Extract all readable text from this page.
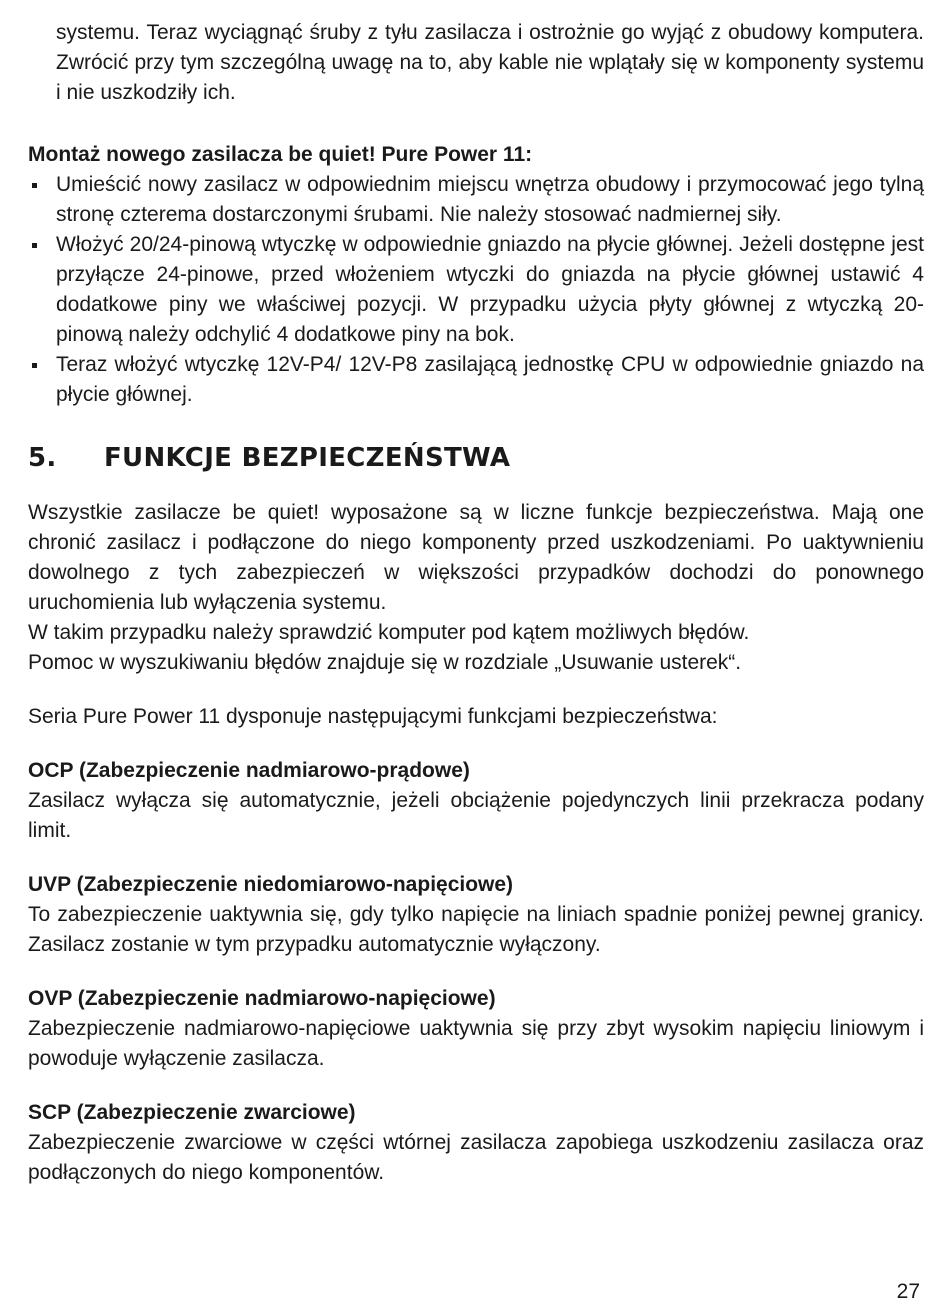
systemu. Teraz wyciągnąć śruby z tyłu zasilacza i ostrożnie go wyjąć z obudowy komputera. Zwrócić przy tym szczególną uwagę na to, aby kable nie wplątały się w komponenty systemu i nie uszkodziły ich.

Montaż nowego zasilacza be quiet! Pure Power 11:
Umieścić nowy zasilacz w odpowiednim miejscu wnętrza obudowy i przymocować jego tylną stronę czterema dostarczonymi śrubami. Nie należy stosować nadmiernej siły.
Włożyć 20/24-pinową wtyczkę w odpowiednie gniazdo na płycie głównej. Jeżeli dostępne jest przyłącze 24-pinowe, przed włożeniem wtyczki do gniazda na płycie głównej ustawić 4 dodatkowe piny we właściwej pozycji. W przypadku użycia płyty głównej z wtyczką 20-pinową należy odchylić 4 dodatkowe piny na bok.
Teraz włożyć wtyczkę 12V-P4/ 12V-P8 zasilającą jednostkę CPU w odpowiednie gniazdo na płycie głównej.
5.	FUNKCJE BEZPIECZEŃSTWA

Wszystkie zasilacze be quiet! wyposażone są w liczne funkcje bezpieczeństwa. Mają one chronić zasilacz i podłączone do niego komponenty przed uszkodzeniami. Po uaktywnieniu dowolnego z tych zabezpieczeń w większości przypadków dochodzi do ponownego uruchomienia lub wyłączenia systemu.

W takim przypadku należy sprawdzić komputer pod kątem możliwych błędów.

Pomoc w wyszukiwaniu błędów znajduje się w rozdziale „Usuwanie usterek“.

Seria Pure Power 11 dysponuje następującymi funkcjami bezpieczeństwa:

OCP (Zabezpieczenie nadmiarowo-prądowe)

Zasilacz wyłącza się automatycznie, jeżeli obciążenie pojedynczych linii przekracza podany limit.

UVP (Zabezpieczenie niedomiarowo-napięciowe)

To zabezpieczenie uaktywnia się, gdy tylko napięcie na liniach spadnie poniżej pewnej granicy. Zasilacz zostanie w tym przypadku automatycznie wyłączony.

OVP (Zabezpieczenie nadmiarowo-napięciowe)

Zabezpieczenie nadmiarowo-napięciowe uaktywnia się przy zbyt wysokim napięciu liniowym i powoduje wyłączenie zasilacza.

SCP (Zabezpieczenie zwarciowe)

Zabezpieczenie zwarciowe w części wtórnej zasilacza zapobiega uszkodzeniu zasilacza oraz podłączonych do niego komponentów.

27
